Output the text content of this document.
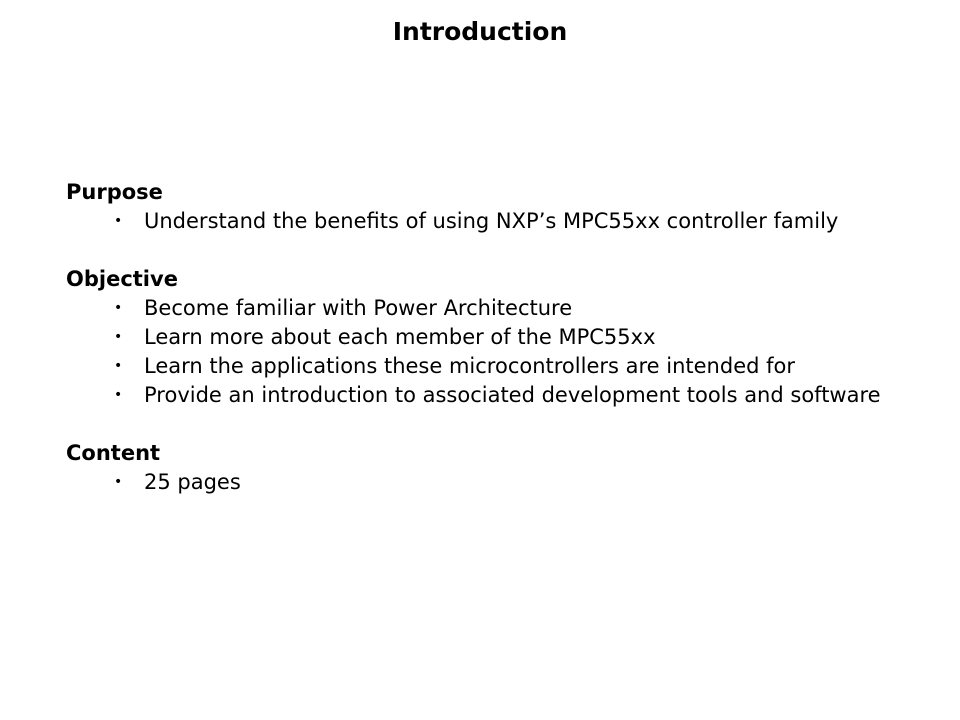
Introduction
Purpose
• Understand the benefits of using NXP’s MPC55xx controller family
Objective
• Become familiar with Power Architecture
• Learn more about each member of the MPC55xx
• Learn the applications these microcontrollers are intended for
• Provide an introduction to associated development tools and software
Content
• 25 pages
